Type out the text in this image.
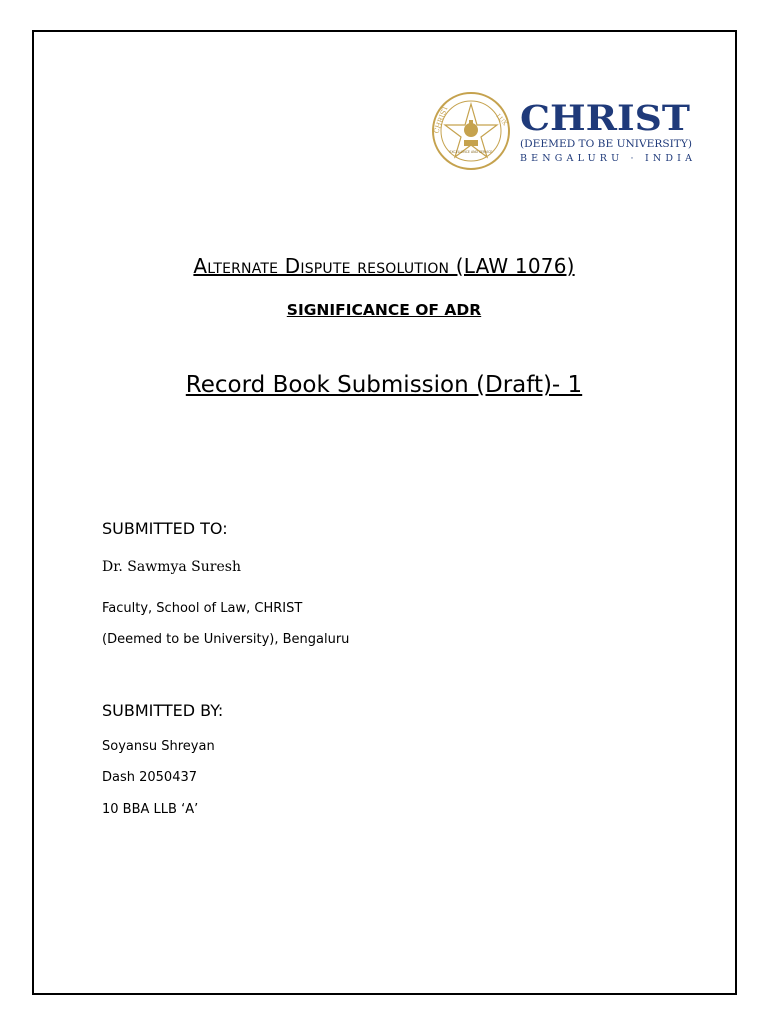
CHRIST	LUX
EXCELLENCE AND SERVICE
CHRIST
(DEEMED TO BE UNIVERSITY)
BENGALURU · INDIA
Alternate Dispute resolution (LAW 1076)
SIGNIFICANCE OF ADR
Record Book Submission (Draft)- 1
SUBMITTED TO:
Dr. Sawmya Suresh
Faculty, School of Law, CHRIST
(Deemed to be University), Bengaluru
SUBMITTED BY:
Soyansu Shreyan
Dash 2050437
10 BBA LLB ‘A’
